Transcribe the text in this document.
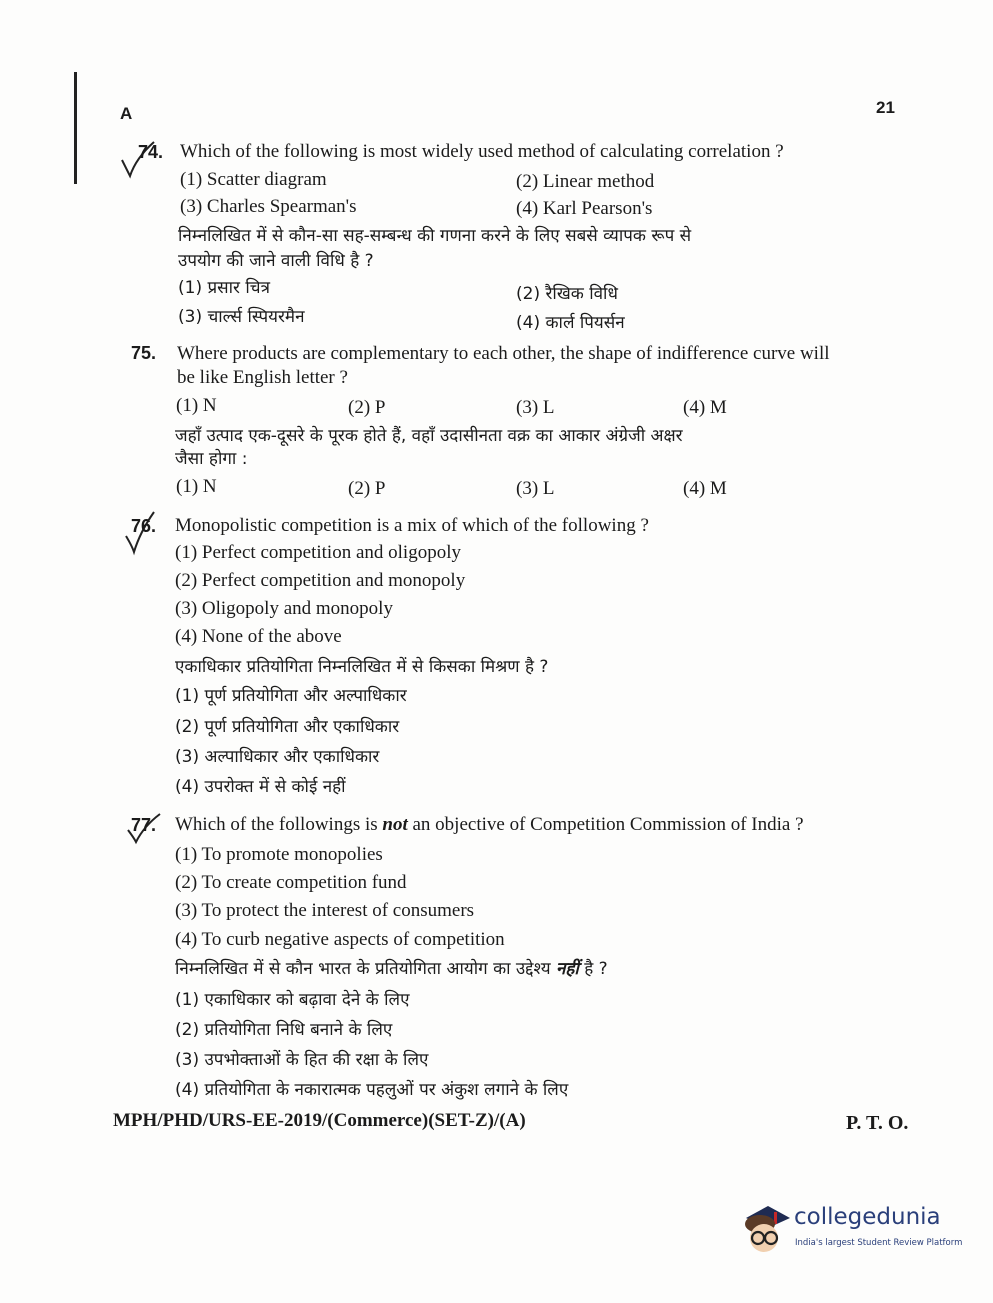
A	21
74. Which of the following is most widely used method of calculating correlation ?
(1) Scatter diagram	(2) Linear method
(3) Charles Spearman's	(4) Karl Pearson's
निम्नलिखित में से कौन-सा सह-सम्बन्ध की गणना करने के लिए सबसे व्यापक रूप से
उपयोग की जाने वाली विधि है ?
(1) प्रसार चित्र	(2) रैखिक विधि
(3) चार्ल्स स्पियरमैन	(4) कार्ल पियर्सन
75. Where products are complementary to each other, the shape of indifference curve will
be like English letter ?
(1) N	(2) P	(3) L	(4) M
जहाँ उत्पाद एक-दूसरे के पूरक होते हैं, वहाँ उदासीनता वक्र का आकार अंग्रेजी अक्षर
जैसा होगा :
(1) N	(2) P	(3) L	(4) M
76. Monopolistic competition is a mix of which of the following ?
(1) Perfect competition and oligopoly
(2) Perfect competition and monopoly
(3) Oligopoly and monopoly
(4) None of the above
एकाधिकार प्रतियोगिता निम्नलिखित में से किसका मिश्रण है ?
(1) पूर्ण प्रतियोगिता और अल्पाधिकार
(2) पूर्ण प्रतियोगिता और एकाधिकार
(3) अल्पाधिकार और एकाधिकार
(4) उपरोक्त में से कोई नहीं
77. Which of the followings is not an objective of Competition Commission of India ?
(1) To promote monopolies
(2) To create competition fund
(3) To protect the interest of consumers
(4) To curb negative aspects of competition
निम्नलिखित में से कौन भारत के प्रतियोगिता आयोग का उद्देश्य नहीं है ?
(1) एकाधिकार को बढ़ावा देने के लिए
(2) प्रतियोगिता निधि बनाने के लिए
(3) उपभोक्ताओं के हित की रक्षा के लिए
(4) प्रतियोगिता के नकारात्मक पहलुओं पर अंकुश लगाने के लिए
MPH/PHD/URS-EE-2019/(Commerce)(SET-Z)/(A)	P. T. O.
collegedunia
India's largest Student Review Platform
